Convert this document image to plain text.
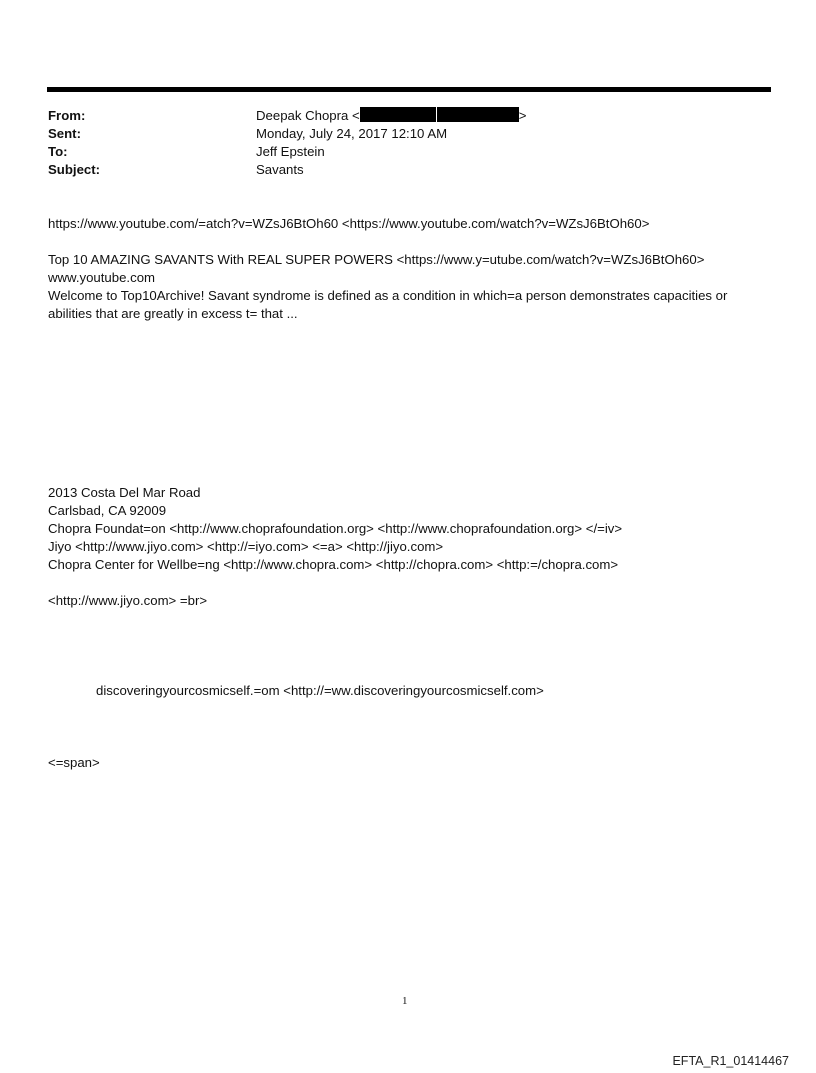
From:	Deepak Chopra <	>
Sent:	Monday, July 24, 2017 12:10 AM
To:	Jeff Epstein
Subject:	Savants
https://www.youtube.com/=atch?v=WZsJ6BtOh60 <https://www.youtube.com/watch?v=WZsJ6BtOh60>
Top 10 AMAZING SAVANTS With REAL SUPER POWERS <https://www.y=utube.com/watch?v=WZsJ6BtOh60>
www.youtube.com
Welcome to Top10Archive! Savant syndrome is defined as a condition in which=a person demonstrates capacities or abilities that are greatly in excess t= that ...
2013 Costa Del Mar Road
Carlsbad, CA 92009
Chopra Foundat=on <http://www.choprafoundation.org> <http://www.choprafoundation.org> </=iv>
Jiyo <http://www.jiyo.com> <http://=iyo.com> <=a> <http://jiyo.com>
Chopra Center for Wellbe=ng <http://www.chopra.com> <http://chopra.com> <http:=/chopra.com>
<http://www.jiyo.com> =br>
discoveringyourcosmicself.=om <http://=ww.discoveringyourcosmicself.com>
<=span>
1
EFTA_R1_01414467
